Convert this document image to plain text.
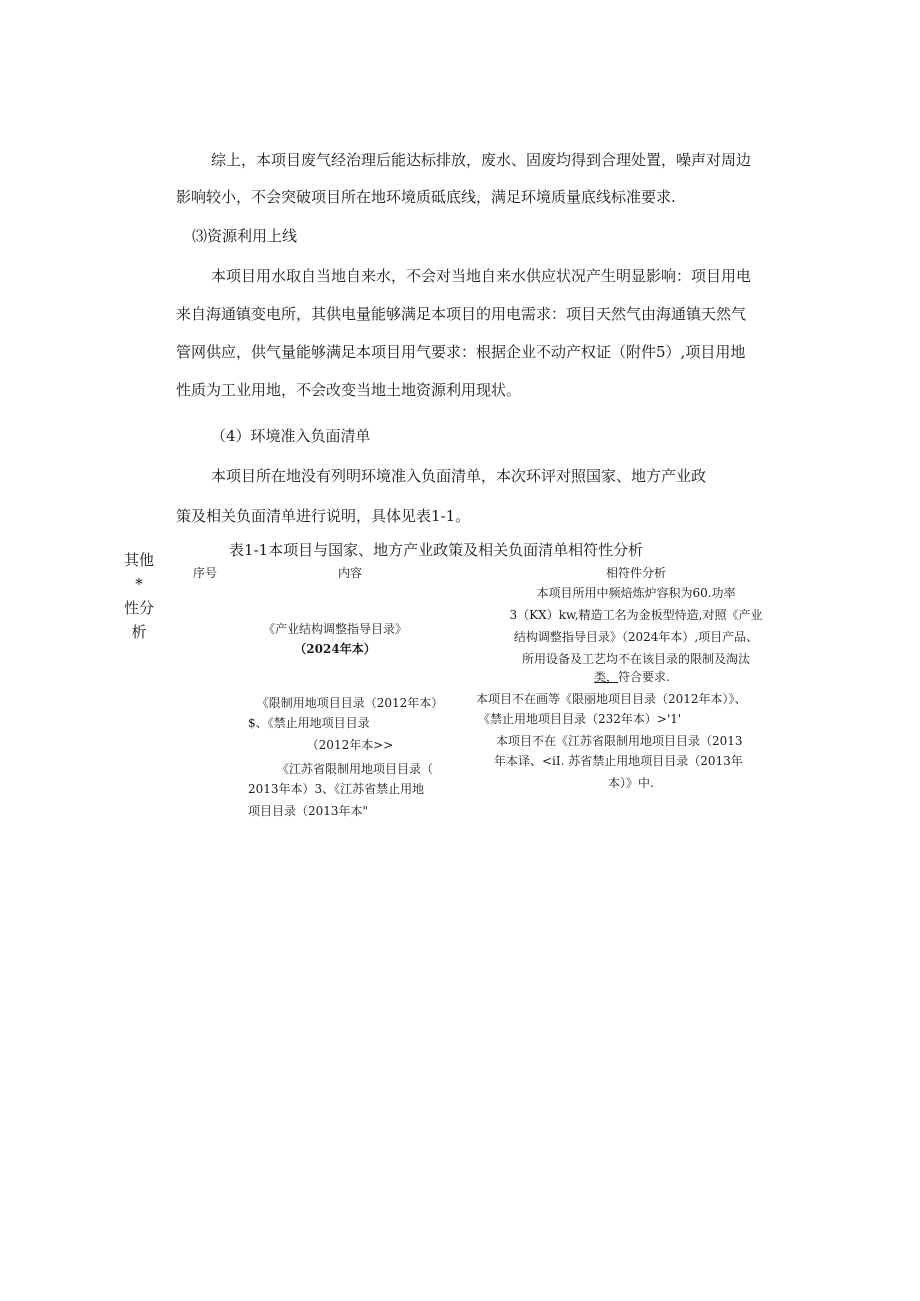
综上，本项目废气经治理后能达标排放，废水、固废均得到合理处置，噪声对周边
影响较小，不会突破项目所在地环境质砥底线，满足环境质量底线标准要求.
⑶资源利用上线
本项目用水取自当地自来水，不会对当地自来水供应状况产生明显影响：项目用电
来自海通镇变电所，其供电量能够满足本项目的用电需求：项目天然气由海通镇天然气
管网供应，供气量能够满足本项目用气要求：根据企业不动产权证（附件5）,项目用地
性质为工业用地，不会改变当地土地资源利用现状。
（4）环境准入负面清单
本项目所在地没有列明环境准入负面清单，本次环评对照国家、地方产业政
策及相关负面清单进行说明，具体见表1-1。
其他
*
性分
析
表1-1本项目与国家、地方产业政策及相关负面清单相符性分析
序号	内容	相符件分析
《产业结构调整指导目录》
（2024年本）
本项目所用中频焙炼炉容积为60.功率
3（KX）kw,精造工名为金板型恃造,对照《产业
结构调整指导目录》（2024年本）,项目产品、
所用设备及工艺均不在该目录的限制及淘汰
类，符合要求.
《限制用地项目目录（2012年本）
$、《禁止用地项目目录
（2012年本>>
《江苏省限制用地项目目录（
2013年本）3、《江苏省禁止用地
项目目录（2013年本"
本项目不在画等《限丽地项目目录（2012年本）》、
《禁止用地项目目录（232年本）>'1'
本项目不在《江苏省限制用地项目目录（2013
年本译、<iI. 苏省禁止用地项目目录（2013年
本）》中.
